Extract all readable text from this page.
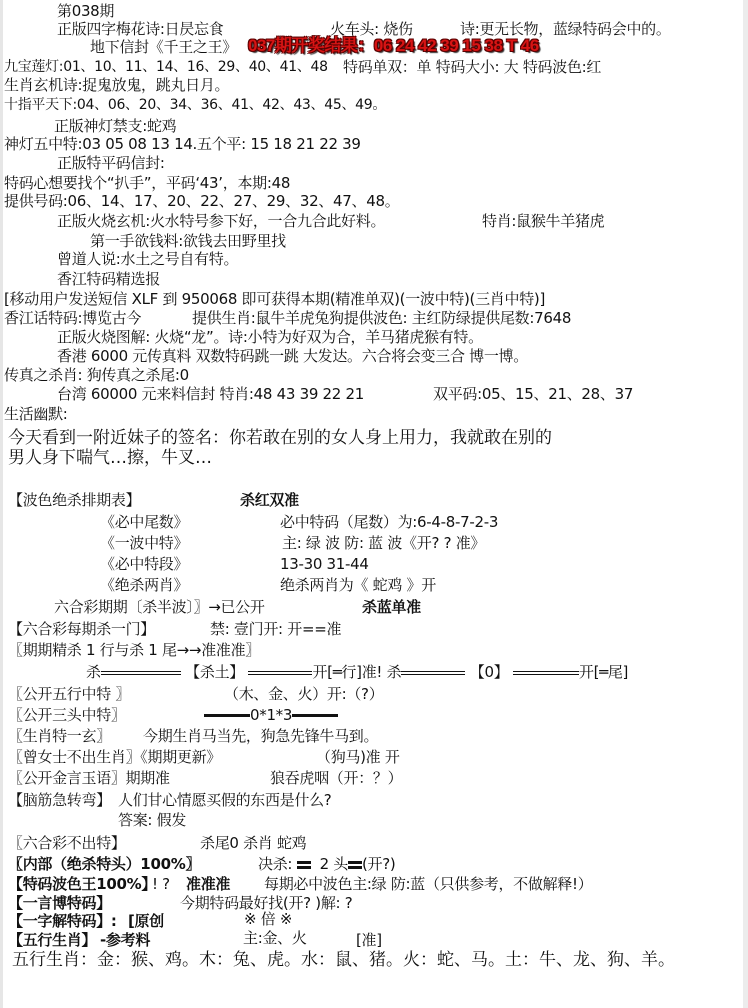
第038期
正版四字梅花诗:日昃忘食	火车头: 烧伤	诗:更无长物，蓝绿特码会中的。
地下信封《千王之王》 037期开奖结果：06 24 42 39 15 38 T 46
九宝莲灯:01、10、11、14、16、29、40、41、48 特码单双：单 特码大小: 大 特码波色:红
生肖玄机诗:捉鬼放鬼，跳丸日月。
十指平天下:04、06、20、34、36、41、42、43、45、49。
正版神灯禁支:蛇鸡
神灯五中特:03 05 08 13 14.五个平: 15 18 21 22 39
正版特平码信封:
特码心想要找个“扒手”，平码‘43’，本期:48
提供号码:06、14、17、20、22、27、29、32、47、48。
正版火烧玄机:火水特号参下好，一合九合此好料。	特肖:鼠猴牛羊猪虎
第一手欲钱料:欲钱去田野里找
曾道人说:水土之号自有特。
香江特码精选报
[移动用户发送短信 XLF 到 950068 即可获得本期(精准单双)(一波中特)(三肖中特)]
香江话特码:博览古今	提供生肖:鼠牛羊虎兔狗提供波色: 主红防绿提供尾数:7648
正版火烧图解: 火烧“龙”。诗:小特为好双为合，羊马猪虎猴有特。
香港 6000 元传真料 双数特码跳一跳 大发达。六合将会变三合 博一博。
传真之杀肖: 狗传真之杀尾:0
台湾 60000 元来料信封 特肖:48 43 39 22 21	双平码:05、15、21、28、37
生活幽默:
今天看到一附近妹子的签名：你若敢在别的女人身上用力，我就敢在别的
男人身下喘气…擦，牛叉…
【波色绝杀排期表】	杀红双准
《必中尾数》	必中特码（尾数）为:6-4-8-7-2-3
《一波中特》	主: 绿 波 防: 蓝 波《开? ? 准》
《必中特段》	13-30 31-44
《绝杀两肖》	绝杀两肖为《 蛇鸡 》开
六合彩期期〔杀半波〕〗→已公开	杀蓝单准
【六合彩每期杀一门】	禁: 壹门开: 开==准
〖期期精杀 1 行与杀 1 尾→→准准准〗
杀	【杀土】	开[═行]准! 杀	【0】	开[═尾]
〖公开五行中特 〗	（木、金、火）开:（?）
〖公开三头中特〗	0*1*3
〖生肖特一玄〗 今期生肖马当先，狗急先锋牛马到。
〖曾女士不出生肖〗《期期更新》	（狗马)准 开
〖公开金言玉语〗期期准	狼吞虎咽（开：？）
【脑筋急转弯】 人们甘心情愿买假的东西是什么?
答案: 假发
〖六合彩不出特】	杀尾0 杀肖 蛇鸡
〖内部（绝杀特头）100%〗	决杀: 2 头 (开?)
【特码波色王100%】
! ? 准准准 每期必中波色主:绿 防:蓝（只供参考，不做解释!）
【一言博特码】	今期特码最好找(开? )解: ?
【一字解特码】: [原创	※ 倍 ※
【五行生肖】 -参考料	主:金、火	[准]
五行生肖：金：猴、鸡。木：兔、虎。水：鼠、猪。火：蛇、马。土：牛、龙、狗、羊。
